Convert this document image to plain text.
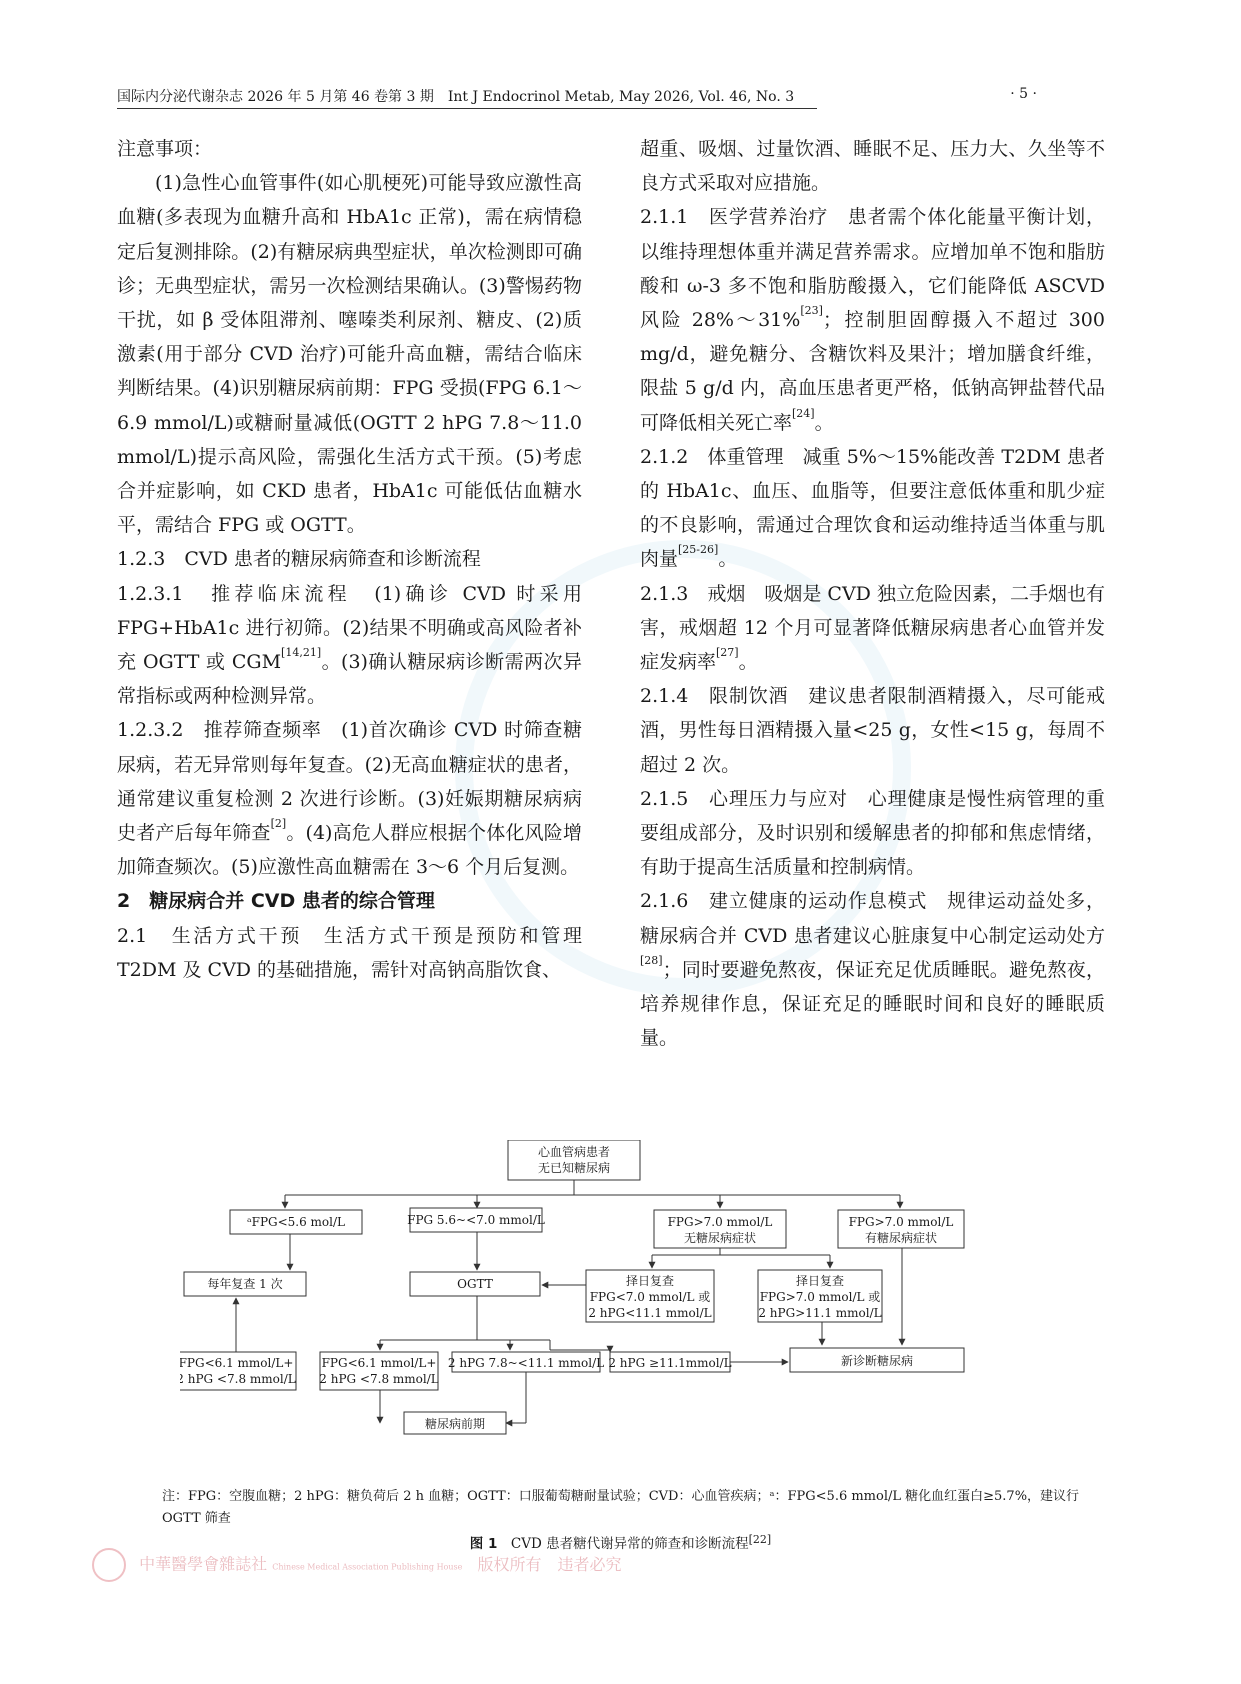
国际内分泌代谢杂志 2026 年 5 月第 46 卷第 3 期　Int J Endocrinol Metab, May 2026, Vol. 46, No. 3	· 5 ·

注意事项：

(1)急性心血管事件(如心肌梗死)可能导致应激性高血糖(多表现为血糖升高和 HbA1c 正常)，需在病情稳定后复测排除。(2)有糖尿病典型症状，单次检测即可确诊；无典型症状，需另一次检测结果确认。(3)警惕药物干扰，如 β 受体阻滞剂、噻嗪类利尿剂、糖皮、(2)质激素(用于部分 CVD 治疗)可能升高血糖，需结合临床判断结果。(4)识别糖尿病前期：FPG 受损(FPG 6.1～6.9 mmol/L)或糖耐量减低(OGTT 2 hPG 7.8～11.0 mmol/L)提示高风险，需强化生活方式干预。(5)考虑合并症影响，如 CKD 患者，HbA1c 可能低估血糖水平，需结合 FPG 或 OGTT。

1.2.3　CVD 患者的糖尿病筛查和诊断流程

1.2.3.1　推荐临床流程　(1)确诊 CVD 时采用 FPG+HbA1c 进行初筛。(2)结果不明确或高风险者补充 OGTT 或 CGM[14,21]。(3)确认糖尿病诊断需两次异常指标或两种检测异常。

1.2.3.2　推荐筛查频率　(1)首次确诊 CVD 时筛查糖尿病，若无异常则每年复查。(2)无高血糖症状的患者，通常建议重复检测 2 次进行诊断。(3)妊娠期糖尿病病史者产后每年筛查[2]。(4)高危人群应根据个体化风险增加筛查频次。(5)应激性高血糖需在 3～6 个月后复测。

2　糖尿病合并 CVD 患者的综合管理

2.1　生活方式干预　生活方式干预是预防和管理 T2DM 及 CVD 的基础措施，需针对高钠高脂饮食、

超重、吸烟、过量饮酒、睡眠不足、压力大、久坐等不良方式采取对应措施。

2.1.1　医学营养治疗　患者需个体化能量平衡计划，以维持理想体重并满足营养需求。应增加单不饱和脂肪酸和 ω-3 多不饱和脂肪酸摄入，它们能降低 ASCVD 风险 28%～31%[23]；控制胆固醇摄入不超过 300 mg/d，避免糖分、含糖饮料及果汁；增加膳食纤维，限盐 5 g/d 内，高血压患者更严格，低钠高钾盐替代品可降低相关死亡率[24]。

2.1.2　体重管理　减重 5%～15%能改善 T2DM 患者的 HbA1c、血压、血脂等，但要注意低体重和肌少症的不良影响，需通过合理饮食和运动维持适当体重与肌肉量[25-26]。

2.1.3　戒烟　吸烟是 CVD 独立危险因素，二手烟也有害，戒烟超 12 个月可显著降低糖尿病患者心血管并发症发病率[27]。

2.1.4　限制饮酒　建议患者限制酒精摄入，尽可能戒酒，男性每日酒精摄入量<25 g，女性<15 g，每周不超过 2 次。

2.1.5　心理压力与应对　心理健康是慢性病管理的重要组成部分，及时识别和缓解患者的抑郁和焦虑情绪，有助于提高生活质量和控制病情。

2.1.6　建立健康的运动作息模式　规律运动益处多，糖尿病合并 CVD 患者建议心脏康复中心制定运动处方[28]；同时要避免熬夜，保证充足优质睡眠。避免熬夜，培养规律作息，保证充足的睡眠时间和良好的睡眠质量。

心血管病患者
无已知糖尿病
ᵃFPG<5.6 mol/L	FPG 5.6~<7.0 mmol/L	FPG>7.0 mmol/L
无糖尿病症状
FPG>7.0 mmol/L
有糖尿病症状
每年复查 1 次	OGTT	择日复查
FPG<7.0 mmol/L 或
2 hPG<11.1 mmol/L
择日复查
FPG>7.0 mmol/L 或
2 hPG>11.1 mmol/L
FPG<6.1 mmol/L+
2 hPG <7.8 mmol/L
FPG<6.1 mmol/L+
2 hPG <7.8 mmol/L
2 hPG 7.8~<11.1 mmol/L 2 hPG ≥11.1mmol/L	新诊断糖尿病
糖尿病前期
注：FPG：空腹血糖；2 hPG：糖负荷后 2 h 血糖；OGTT：口服葡萄糖耐量试验；CVD：心血管疾病；ᵃ：FPG<5.6 mmol/L 糖化血红蛋白≥5.7%，建议行 OGTT 筛查
图 1　CVD 患者糖代谢异常的筛查和诊断流程[22]
中華醫學會雜誌社 Chinese Medical Association Publishing House 版权所有　违者必究
